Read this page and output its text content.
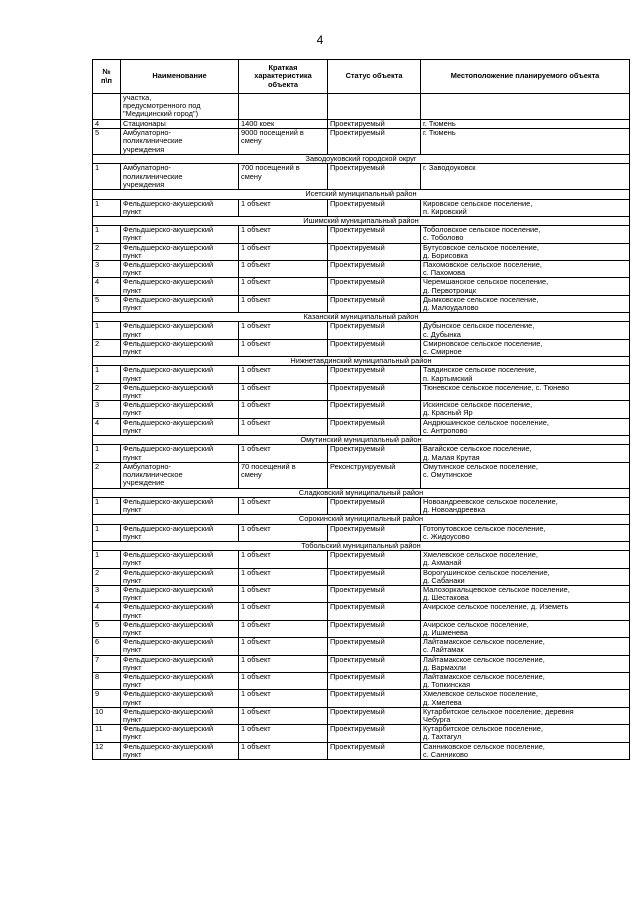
4
№
п\п	Наименование	Краткая характеристика объекта	Статус объекта	Местоположение планируемого объекта
	участка,
предусмотренного под
"Медицинский город")			
4	Стационары	1400 коек	Проектируемый	г. Тюмень
5	Амбулаторно-
поликлинические
учреждения	9000 посещений в
смену	Проектируемый	г. Тюмень
Заводоуковский городской округ				
1	Амбулаторно-
поликлинические
учреждения	700 посещений в
смену	Проектируемый	г. Заводоуковск
Исетский муниципальный район				
1	Фельдшерско-акушерский
пункт	1 объект	Проектируемый	Кировское сельское поселение,
п. Кировский
Ишимский муниципальный район				
1	Фельдшерско-акушерский
пункт	1 объект	Проектируемый	Тоболовское сельское поселение,
с. Тоболово
2	Фельдшерско-акушерский
пункт	1 объект	Проектируемый	Бутусовское сельское поселение,
д. Борисовка
3	Фельдшерско-акушерский
пункт	1 объект	Проектируемый	Пахомовское сельское поселение,
с. Пахомова
4	Фельдшерско-акушерский
пункт	1 объект	Проектируемый	Черемшанское сельское поселение,
д. Первотроицк
5	Фельдшерско-акушерский
пункт	1 объект	Проектируемый	Дымковское сельское поселение,
д. Малоудалово
Казанский муниципальный район				
1	Фельдшерско-акушерский
пункт	1 объект	Проектируемый	Дубынское сельское поселение,
с. Дубынка
2	Фельдшерско-акушерский
пункт	1 объект	Проектируемый	Смирновское сельское поселение,
с. Смирное
Нижнетавдинский муниципальный район				
1	Фельдшерско-акушерский
пункт	1 объект	Проектируемый	Тавдинское сельское поселение,
п. Картымский
2	Фельдшерско-акушерский
пункт	1 объект	Проектируемый	Тюневское сельское поселение, с. Тюнево
3	Фельдшерско-акушерский
пункт	1 объект	Проектируемый	Искинское сельское поселение,
д. Красный Яр
4	Фельдшерско-акушерский
пункт	1 объект	Проектируемый	Андрюшинское сельское поселение,
с. Антропово
Омутинский муниципальный район				
1	Фельдшерско-акушерский
пункт	1 объект	Проектируемый	Вагайское сельское поселение,
д. Малая Крутая
2	Амбулаторно-
поликлиническое
учреждение	70 посещений в
смену	Реконструируемый	Омутинское сельское поселение,
с. Омутинское
Сладковский муниципальный район				
1	Фельдшерско-акушерский
пункт	1 объект	Проектируемый	Новоандреевское сельское поселение,
д. Новоандреевка
Сорокинский муниципальный район				
1	Фельдшерско-акушерский
пункт	1 объект	Проектируемый	Готопутовское сельское поселение,
с. Жидоусово
Тобольский муниципальный район				
1	Фельдшерско-акушерский
пункт	1 объект	Проектируемый	Хмелевское сельское поселение,
д. Ахманай
2	Фельдшерско-акушерский
пункт	1 объект	Проектируемый	Ворогушинское сельское поселение,
д. Сабанаки
3	Фельдшерско-акушерский
пункт	1 объект	Проектируемый	Малозоркальцевское сельское поселение,
д. Шестакова
4	Фельдшерско-акушерский
пункт	1 объект	Проектируемый	Ачирское сельское поселение, д. Иземеть
5	Фельдшерско-акушерский
пункт	1 объект	Проектируемый	Ачирское сельское поселение,
д. Ишменева
6	Фельдшерско-акушерский
пункт	1 объект	Проектируемый	Лайтамакское сельское поселение,
с. Лайтамак
7	Фельдшерско-акушерский
пункт	1 объект	Проектируемый	Лайтамакское сельское поселение,
д. Вармахли
8	Фельдшерско-акушерский
пункт	1 объект	Проектируемый	Лайтамакское сельское поселение,
д. Топкинская
9	Фельдшерско-акушерский
пункт	1 объект	Проектируемый	Хмелевское сельское поселение,
д. Хмелева
10	Фельдшерско-акушерский
пункт	1 объект	Проектируемый	Кутарбитское сельское поселение, деревня
Чебурга
11	Фельдшерско-акушерский
пункт	1 объект	Проектируемый	Кутарбитское сельское поселение,
д. Тахтагул
12	Фельдшерско-акушерский
пункт	1 объект	Проектируемый	Санниковское сельское поселение,
с. Санниково
